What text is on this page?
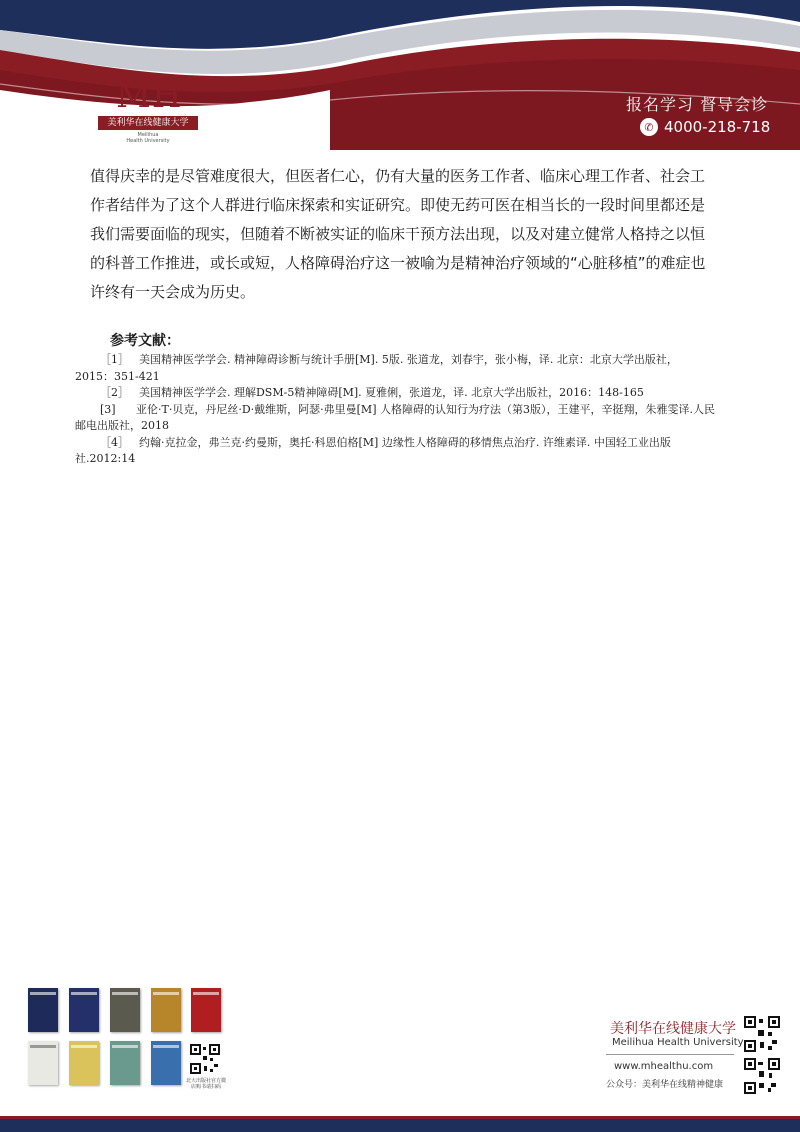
MH
美利华在线健康大学
Meilihua
Health University
报名学习 督导会诊
✆ 4000-218-718
值得庆幸的是尽管难度很大，但医者仁心，仍有大量的医务工作者、临床心理工作者、社会工作者结伴为了这个人群进行临床探索和实证研究。即使无药可医在相当长的一段时间里都还是我们需要面临的现实，但随着不断被实证的临床干预方法出现，以及对建立健常人格持之以恒的科普工作推进，或长或短，人格障碍治疗这一被喻为是精神治疗领域的“心脏移植”的难症也许终有一天会成为历史。
参考文献：
［1］ 美国精神医学学会. 精神障碍诊断与统计手册[M]. 5版. 张道龙，刘春宇，张小梅，译. 北京：北京大学出版社，2015：351-421
［2］ 美国精神医学学会. 理解DSM-5精神障碍[M]. 夏雅俐，张道龙，译. 北京大学出版社，2016：148-165
[3] 亚伦·T·贝克，丹尼丝·D·戴维斯，阿瑟·弗里曼[M] 人格障碍的认知行为疗法（第3版），王建平，辛挺翔，朱雅雯译.人民邮电出版社，2018
［4］ 约翰·克拉金，弗兰克·约曼斯，奥托·科恩伯格[M] 边缘性人格障碍的移情焦点治疗. 许维素译. 中国轻工业出版社.2012:14
北大出版社官方微店购书请扫码
美利华在线健康大学
Meilihua Health University
www.mhealthu.com
公众号：美利华在线精神健康
